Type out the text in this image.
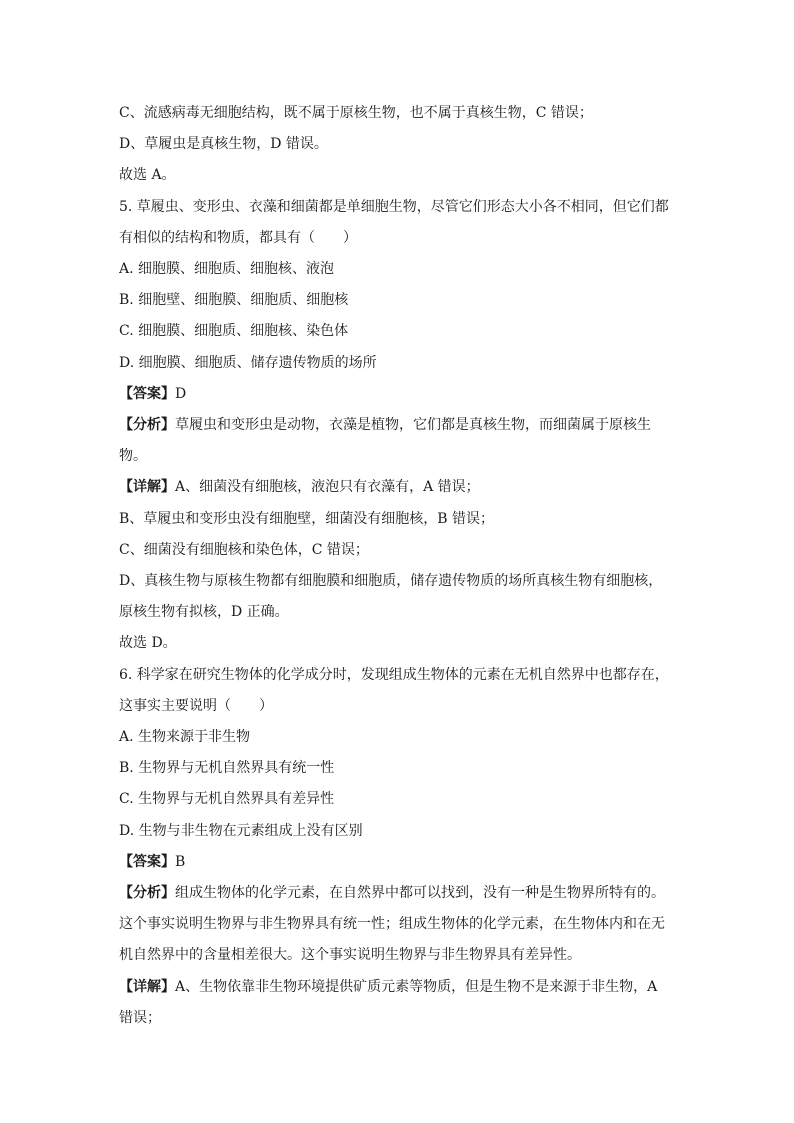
C、流感病毒无细胞结构，既不属于原核生物，也不属于真核生物，C 错误；

D、草履虫是真核生物，D 错误。

故选 A。

5. 草履虫、变形虫、衣藻和细菌都是单细胞生物，尽管它们形态大小各不相同，但它们都

有相似的结构和物质，都具有（　　）

A. 细胞膜、细胞质、细胞核、液泡

B. 细胞壁、细胞膜、细胞质、细胞核

C. 细胞膜、细胞质、细胞核、染色体

D. 细胞膜、细胞质、储存遗传物质的场所

【答案】D

【分析】草履虫和变形虫是动物，衣藻是植物，它们都是真核生物，而细菌属于原核生

物。

【详解】A、细菌没有细胞核，液泡只有衣藻有，A 错误；

B、草履虫和变形虫没有细胞壁，细菌没有细胞核，B 错误；

C、细菌没有细胞核和染色体，C 错误；

D、真核生物与原核生物都有细胞膜和细胞质，储存遗传物质的场所真核生物有细胞核，

原核生物有拟核，D 正确。

故选 D。

6. 科学家在研究生物体的化学成分时，发现组成生物体的元素在无机自然界中也都存在，

这事实主要说明（　　）

A. 生物来源于非生物

B. 生物界与无机自然界具有统一性

C. 生物界与无机自然界具有差异性

D. 生物与非生物在元素组成上没有区别

【答案】B

【分析】组成生物体的化学元素，在自然界中都可以找到，没有一种是生物界所特有的。

这个事实说明生物界与非生物界具有统一性；组成生物体的化学元素，在生物体内和在无

机自然界中的含量相差很大。这个事实说明生物界与非生物界具有差异性。

【详解】A、生物依靠非生物环境提供矿质元素等物质，但是生物不是来源于非生物，A

错误；
